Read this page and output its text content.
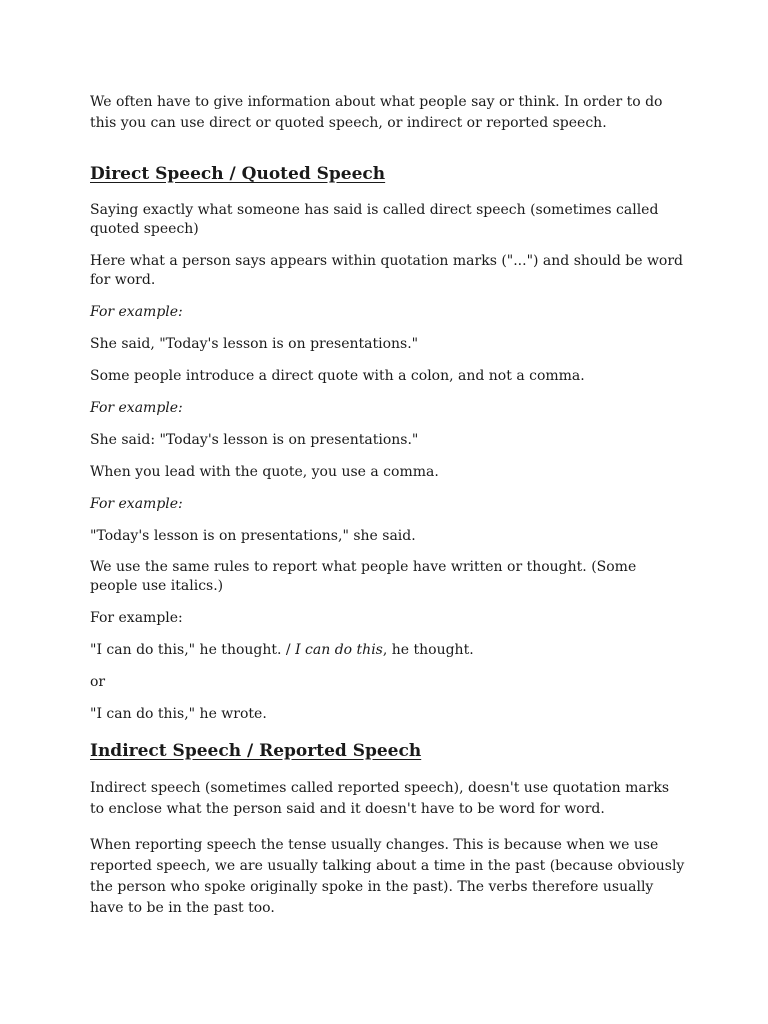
We often have to give information about what people say or think. In order to do this you can use direct or quoted speech, or indirect or reported speech.

Direct Speech / Quoted Speech

Saying exactly what someone has said is called direct speech (sometimes called quoted speech)

Here what a person says appears within quotation marks ("...") and should be word for word.

For example:

She said, "Today's lesson is on presentations."

Some people introduce a direct quote with a colon, and not a comma.

For example:

She said: "Today's lesson is on presentations."

When you lead with the quote, you use a comma.

For example:

"Today's lesson is on presentations," she said.

We use the same rules to report what people have written or thought. (Some people use italics.)

For example:

"I can do this," he thought. / I can do this, he thought.

or

"I can do this," he wrote.

Indirect Speech / Reported Speech

Indirect speech (sometimes called reported speech), doesn't use quotation marks to enclose what the person said and it doesn't have to be word for word.

When reporting speech the tense usually changes. This is because when we use reported speech, we are usually talking about a time in the past (because obviously the person who spoke originally spoke in the past). The verbs therefore usually have to be in the past too.
